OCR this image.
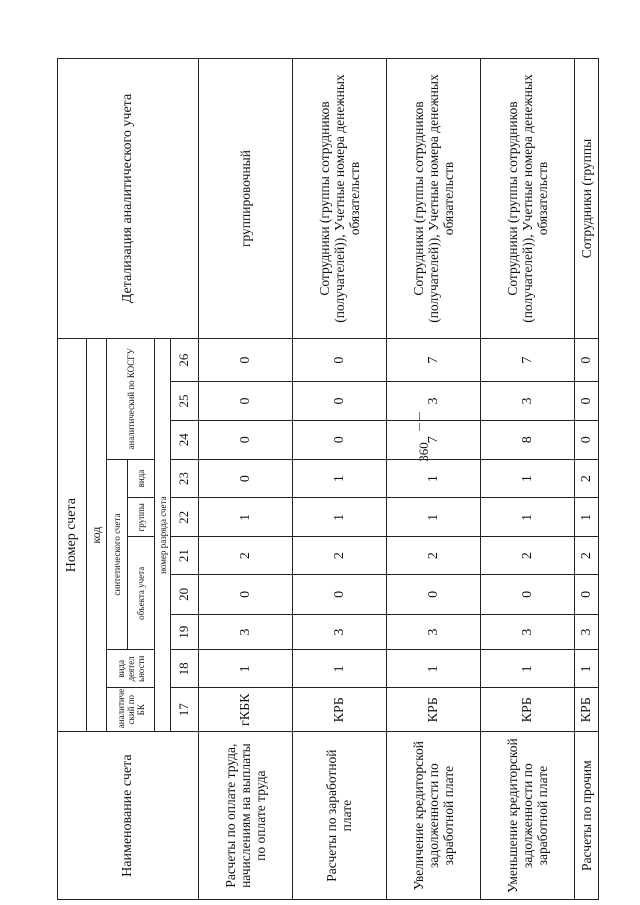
360
Наименование счета	Номер счета										Детализация аналитического учета
	код										
	аналитиче ский по БК	вида деятел ьности	синтетического счета					аналитический по КОСГУ			
			объекта учета			группы	вида				
	номер разряда счета										
	17	18	19	20	21	22	23	24	25	26	
Расчеты по оплате труда, начислениям на выплаты по оплате труда	гКБК	1	3	0	2	1	0	0	0	0	группировочный
Расчеты по заработной плате	КРБ	1	3	0	2	1	1	0	0	0	Сотрудники (группы сотрудников (получателей)), Учетные номера денежных обязательств
Увеличение кредиторской задолженности по заработной плате	КРБ	1	3	0	2	1	1	7	3	7	Сотрудники (группы сотрудников (получателей)), Учетные номера денежных обязательств
Уменьшение кредиторской задолженности по заработной плате	КРБ	1	3	0	2	1	1	8	3	7	Сотрудники (группы сотрудников (получателей)), Учетные номера денежных обязательств
Расчеты по прочим	КРБ	1	3	0	2	1	2	0	0	0	Сотрудники (группы
